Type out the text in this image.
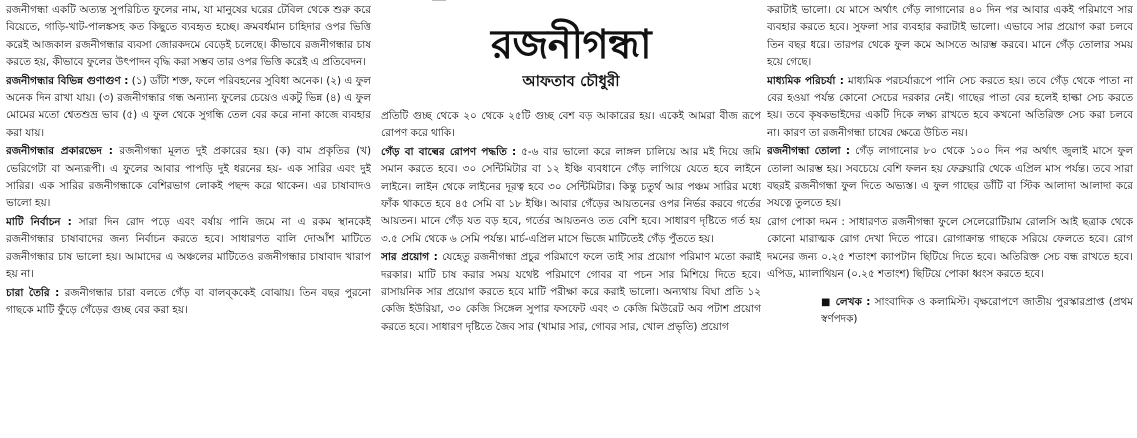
রজনীগন্ধা একটি অত্যন্ত সুপরিচিত ফুলের নাম, যা মানুষের ঘরের টেবিল থেকে শুরু করে বিয়েতে, গাড়ি-খাট-পালঙ্কসহ কত কিছুতে ব্যবহৃত হচ্ছে। ক্রমবর্ধমান চাহিদার ওপর ভিত্তি করেই আজকাল রজনীগন্ধার ব্যবসা জোরকদমে বেড়েই চলেছে। কীভাবে রজনীগন্ধার চাষ করতে হয়, কীভাবে ফুলের উৎপাদন বৃদ্ধি করা সম্ভব তার ওপর ভিত্তি করেই এ প্রতিবেদন।

রজনীগন্ধার বিভিন্ন গুণাগুণ : (১) ডাঁটা শক্ত, ফলে পরিবহনের সুবিধা অনেক। (২) এ ফুল অনেক দিন রাখা যায়। (৩) রজনীগন্ধার গন্ধ অন্যান্য ফুলের চেয়েও একটু ভিন্ন (৪) এ ফুল মোমের মতো শ্বেতশুভ্র ভাব (৫) এ ফুল থেকে সুগন্ধি তেল বের করে নানা কাজে ব্যবহার করা যায়।

রজনীগন্ধার প্রকারভেদ : রজনীগন্ধা মূলত দুই প্রকারের হয়। (ক) বাম প্রকৃতির (খ) ভেরিগেটা বা অন্যরূপী। এ ফুলের আবার পাপড়ি দুই ধরনের হয়- এক সারির এবং দুই সারির। এক সারির রজনীগন্ধাকে বেশিরভাগ লোকই পছন্দ করে থাকেন। এর চাষাবাদও ভালো হয়।

মাটি নির্বাচন : সারা দিন রোদ পড়ে এবং বর্ষায় পানি জমে না এ রকম স্থানকেই রজনীগন্ধার চাষাবাদের জন্য নির্বাচন করতে হবে। সাধারণত বালি দোআঁশ মাটিতে রজনীগন্ধার চাষ ভালো হয়। আমাদের এ অঞ্চলের মাটিতেও রজনীগন্ধার চাষাবাদ খারাপ হয় না।

চারা তৈরি : রজনীগন্ধার চারা বলতে গেঁড় বা বালব্ককেই বোঝায়। তিন বছর পুরনো গাছকে মাটি ফুঁড়ে গেঁড়ের গুচ্ছ বের করা হয়।

রজনীগন্ধা
আফতাব চৌধুরী

প্রতিটি গুচ্ছ থেকে ২০ থেকে ২৫টি গুচ্ছ বেশ বড় আকারের হয়। একেই আমরা বীজ রূপে রোপণ করে থাকি।

গেঁড় বা বাল্বের রোপণ পদ্ধতি : ৫-৬ বার ভালো করে লাঙ্গল চালিয়ে আর মই দিয়ে জমি সমান করতে হবে। ৩০ সেন্টিমিটার বা ১২ ইঞ্চি ব্যবধানে গেঁড় লাগিয়ে যেতে হবে লাইনে লাইনে। লাইন থেকে লাইনের দূরত্ব হবে ৩০ সেন্টিমিটার। কিন্তু চতুর্থ আর পঞ্চম সারির মধ্যে ফাঁক থাকতে হবে ৪৫ সেমি বা ১৮ ইঞ্চি। আবার গেঁড়ের আয়তনের ওপর নির্ভর করবে গর্তের আয়তন। মানে গেঁড় যত বড় হবে, গর্তের আয়তনও তত বেশি হবে। সাধারণ দৃষ্টিতে গর্ত হয় ৩.৫ সেমি থেকে ৬ সেমি পর্যন্ত। মার্চ-এপ্রিল মাসে ভিজে মাটিতেই গেঁড় পুঁততে হয়।

সার প্রয়োগ : যেহেতু রজনীগন্ধা প্রচুর পরিমাণে ফলে তাই সার প্রয়োগ পরিমাণ মতো করাই দরকার। মাটি চাষ করার সময় যথেষ্ট পরিমাণে গোবর বা পচন সার মিশিয়ে দিতে হবে। রাসায়নিক সার প্রয়োগ করতে হবে মাটি পরীক্ষা করে করাই ভালো। অন্যথায় বিঘা প্রতি ১২ কেজি ইউরিয়া, ৩০ কেজি সিঙ্গেল সুপার ফসফেট এবং ৩ কেজি মিউরেট অব পটাশ প্রয়োগ করতে হবে। সাধারণ দৃষ্টিতে জৈব সার (খামার সার, গোবর সার, খোল প্রভৃতি) প্রয়োগ

করাটাই ভালো। যে মাসে অর্থাৎ গেঁড় লাগানোর ৪০ দিন পর আবার একই পরিমাণে সার ব্যবহার করতে হবে। সুফলা সার ব্যবহার করাটাই ভালো। এভাবে সার প্রয়োগ করা চলবে তিন বছর ধরে। তারপর থেকে ফুল কমে আসতে আরম্ভ করবে। মানে গেঁড় তোলার সময় হয়ে গেছে।

মাধ্যমিক পরিচর্যা : মাধ্যমিক পরচর্যারূপে পানি সেচ করতে হয়। তবে গেঁড় থেকে পাতা না বের হওয়া পর্যন্ত কোনো সেচের দরকার নেই। গাছের পাতা বের হলেই হাল্কা সেচ করতে হয়। তবে কৃষকভাইদের একটি দিকে লক্ষ্য রাখতে হবে কখনো অতিরিক্ত সেচ করা চলবে না। কারণ তা রজনীগন্ধা চাষের ক্ষেত্রে উচিত নয়।

রজনীগন্ধা তোলা : গেঁড় লাগানোর ৮০ থেকে ১০০ দিন পর অর্থাৎ জুলাই মাসে ফুল তোলা আরম্ভ হয়। সবচেয়ে বেশি ফলন হয় ফেব্রুয়ারি থেকে এপ্রিল মাস পর্যন্ত। তবে সারা বছরই রজনীগন্ধা ফুল দিতে অভ্যস্ত। এ ফুল গাছের ডাঁটি বা স্টিক আলাদা আলাদা করে সযত্নে তুলতে হয়।

রোগ পোকা দমন : সাধারণত রজনীগন্ধা ফুলে সেলেরোটিয়াম রোলসি আই ছত্রাক থেকে কোনো মারাত্মক রোগ দেখা দিতে পারে। রোগাক্রান্ত গাছকে সরিয়ে ফেলতে হবে। রোগ দমনের জন্য ০.২৫ শতাংশ ক্যাপটান ছিটিয়ে দিতে হবে। অতিরিক্ত সেচ বন্ধ রাখতে হবে। এপিড, ম্যালাথিয়ন (০.২৫ শতাংশ) ছিটিয়ে পোকা ধ্বংস করতে হবে।

■ লেখক : সাংবাদিক ও কলামিস্ট। বৃক্ষরোপণে জাতীয় পুরস্কারপ্রাপ্ত (প্রথম স্বর্ণপদক)
